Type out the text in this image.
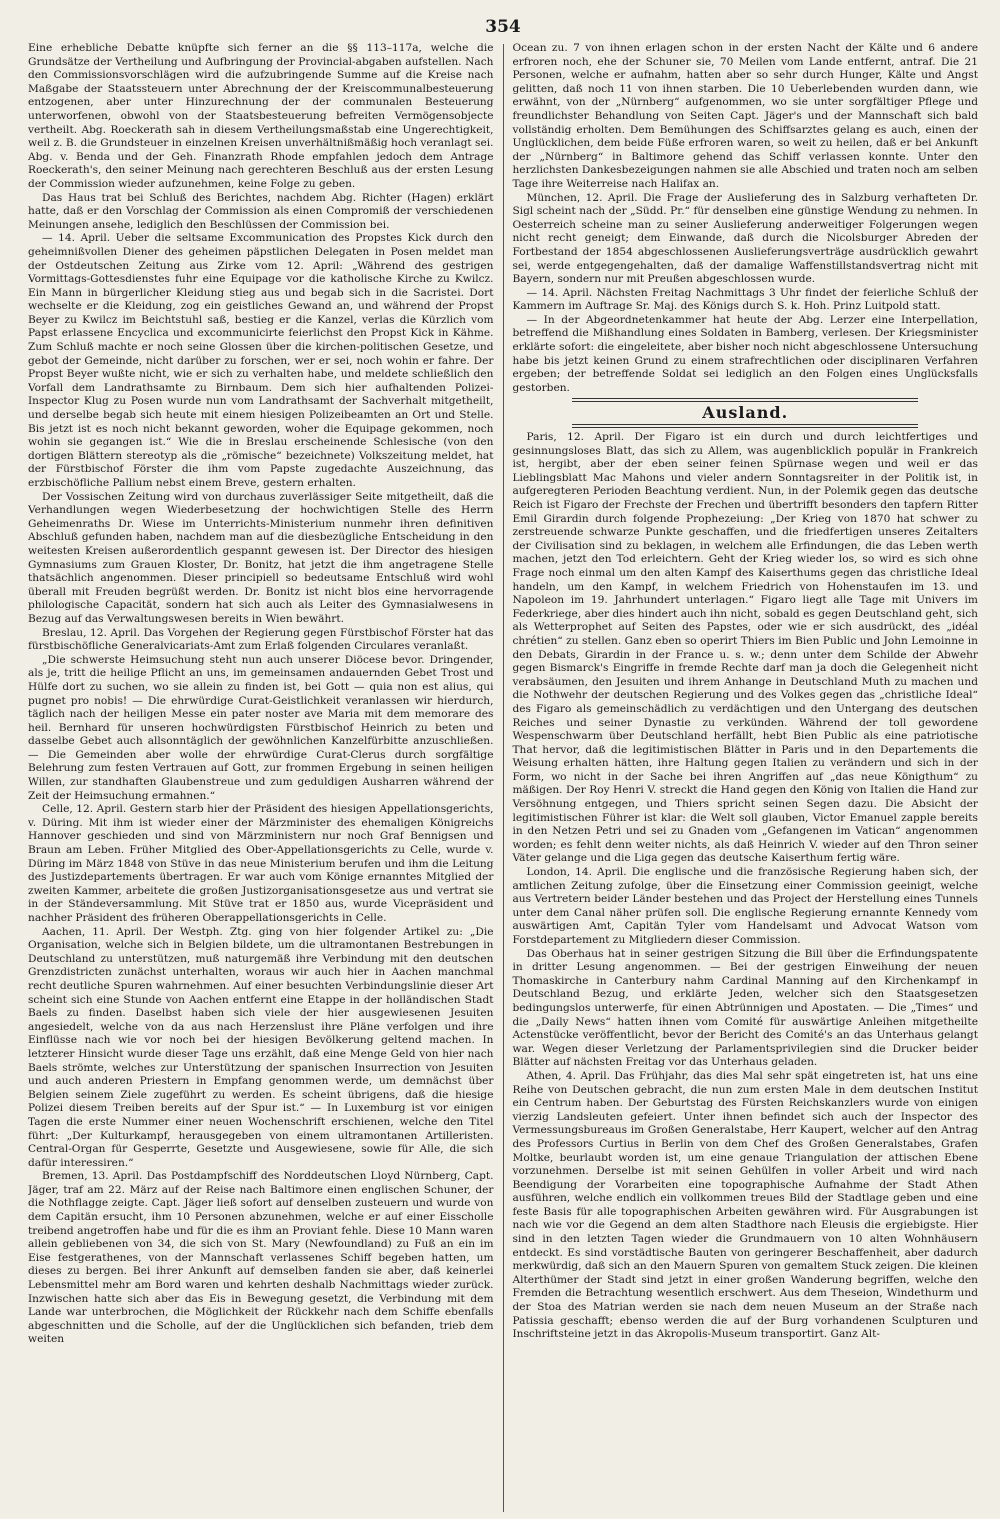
354

Eine erhebliche Debatte knüpfte sich ferner an die §§ 113–117a, welche die Grundsätze der Vertheilung und Aufbringung der Provincial-abgaben aufstellen. Nach den Commissionsvorschlägen wird die aufzubringende Summe auf die Kreise nach Maßgabe der Staatssteuern unter Abrechnung der der Kreiscommunalbesteuerung entzogenen, aber unter Hinzurechnung der der communalen Besteuerung unterworfenen, obwohl von der Staatsbesteuerung befreiten Vermögensobjecte vertheilt. Abg. Roeckerath sah in diesem Vertheilungsmaßstab eine Ungerechtigkeit, weil z. B. die Grundsteuer in einzelnen Kreisen unverhältnißmäßig hoch veranlagt sei. Abg. v. Benda und der Geh. Finanzrath Rhode empfahlen jedoch dem Antrage Roeckerath's, den seiner Meinung nach gerechteren Beschluß aus der ersten Lesung der Commission wieder aufzunehmen, keine Folge zu geben.

Das Haus trat bei Schluß des Berichtes, nachdem Abg. Richter (Hagen) erklärt hatte, daß er den Vorschlag der Commission als einen Compromiß der verschiedenen Meinungen ansehe, lediglich den Beschlüssen der Commission bei.

— 14. April. Ueber die seltsame Excommunication des Propstes Kick durch den geheimnißvollen Diener des geheimen päpstlichen Delegaten in Posen meldet man der Ostdeutschen Zeitung aus Zirke vom 12. April: „Während des gestrigen Vormittags-Gottesdienstes fuhr eine Equipage vor die katholische Kirche zu Kwilcz. Ein Mann in bürgerlicher Kleidung stieg aus und begab sich in die Sacristei. Dort wechselte er die Kleidung, zog ein geistliches Gewand an, und während der Propst Beyer zu Kwilcz im Beichtstuhl saß, bestieg er die Kanzel, verlas die Kürzlich vom Papst erlassene Encyclica und excommunicirte feierlichst den Propst Kick in Kähme. Zum Schluß machte er noch seine Glossen über die kirchen-politischen Gesetze, und gebot der Gemeinde, nicht darüber zu forschen, wer er sei, noch wohin er fahre. Der Propst Beyer wußte nicht, wie er sich zu verhalten habe, und meldete schließlich den Vorfall dem Landrathsamte zu Birnbaum. Dem sich hier aufhaltenden Polizei-Inspector Klug zu Posen wurde nun vom Landrathsamt der Sachverhalt mitgetheilt, und derselbe begab sich heute mit einem hiesigen Polizeibeamten an Ort und Stelle. Bis jetzt ist es noch nicht bekannt geworden, woher die Equipage gekommen, noch wohin sie gegangen ist.“ Wie die in Breslau erscheinende Schlesische (von den dortigen Blättern stereotyp als die „römische“ bezeichnete) Volkszeitung meldet, hat der Fürstbischof Förster die ihm vom Papste zugedachte Auszeichnung, das erzbischöfliche Pallium nebst einem Breve, gestern erhalten.

Der Vossischen Zeitung wird von durchaus zuverlässiger Seite mitgetheilt, daß die Verhandlungen wegen Wiederbesetzung der hochwichtigen Stelle des Herrn Geheimenraths Dr. Wiese im Unterrichts-Ministerium nunmehr ihren definitiven Abschluß gefunden haben, nachdem man auf die diesbezügliche Entscheidung in den weitesten Kreisen außerordentlich gespannt gewesen ist. Der Director des hiesigen Gymnasiums zum Grauen Kloster, Dr. Bonitz, hat jetzt die ihm angetragene Stelle thatsächlich angenommen. Dieser principiell so bedeutsame Entschluß wird wohl überall mit Freuden begrüßt werden. Dr. Bonitz ist nicht blos eine hervorragende philologische Capacität, sondern hat sich auch als Leiter des Gymnasialwesens in Bezug auf das Verwaltungswesen bereits in Wien bewährt.

Breslau, 12. April. Das Vorgehen der Regierung gegen Fürstbischof Förster hat das fürstbischöfliche Generalvicariats-Amt zum Erlaß folgenden Circulares veranlaßt.

„Die schwerste Heimsuchung steht nun auch unserer Diöcese bevor. Dringender, als je, tritt die heilige Pflicht an uns, im gemeinsamen andauernden Gebet Trost und Hülfe dort zu suchen, wo sie allein zu finden ist, bei Gott — quia non est alius, qui pugnet pro nobis! — Die ehrwürdige Curat-Geistlichkeit veranlassen wir hierdurch, täglich nach der heiligen Messe ein pater noster ave Maria mit dem memorare des heil. Bernhard für unseren hochwürdigsten Fürstbischof Heinrich zu beten und dasselbe Gebet auch allsonntäglich der gewöhnlichen Kanzelfürbitte anzuschließen. — Die Gemeinden aber wolle der ehrwürdige Curat-Clerus durch sorgfältige Belehrung zum festen Vertrauen auf Gott, zur frommen Ergebung in seinen heiligen Willen, zur standhaften Glaubenstreue und zum geduldigen Ausharren während der Zeit der Heimsuchung ermahnen.“

Celle, 12. April. Gestern starb hier der Präsident des hiesigen Appellationsgerichts, v. Düring. Mit ihm ist wieder einer der Märzminister des ehemaligen Königreichs Hannover geschieden und sind von Märzministern nur noch Graf Bennigsen und Braun am Leben. Früher Mitglied des Ober-Appellationsgerichts zu Celle, wurde v. Düring im März 1848 von Stüve in das neue Ministerium berufen und ihm die Leitung des Justizdepartements übertragen. Er war auch vom Könige ernanntes Mitglied der zweiten Kammer, arbeitete die großen Justizorganisationsgesetze aus und vertrat sie in der Ständeversammlung. Mit Stüve trat er 1850 aus, wurde Vicepräsident und nachher Präsident des früheren Oberappellationsgerichts in Celle.

Aachen, 11. April. Der Westph. Ztg. ging von hier folgender Artikel zu: „Die Organisation, welche sich in Belgien bildete, um die ultramontanen Bestrebungen in Deutschland zu unterstützen, muß naturgemäß ihre Verbindung mit den deutschen Grenzdistricten zunächst unterhalten, woraus wir auch hier in Aachen manchmal recht deutliche Spuren wahrnehmen. Auf einer besuchten Verbindungslinie dieser Art scheint sich eine Stunde von Aachen entfernt eine Etappe in der holländischen Stadt Baels zu finden. Daselbst haben sich viele der hier ausgewiesenen Jesuiten angesiedelt, welche von da aus nach Herzenslust ihre Pläne verfolgen und ihre Einflüsse nach wie vor noch bei der hiesigen Bevölkerung geltend machen. In letzterer Hinsicht wurde dieser Tage uns erzählt, daß eine Menge Geld von hier nach Baels strömte, welches zur Unterstützung der spanischen Insurrection von Jesuiten und auch anderen Priestern in Empfang genommen werde, um demnächst über Belgien seinem Ziele zugeführt zu werden. Es scheint übrigens, daß die hiesige Polizei diesem Treiben bereits auf der Spur ist.“ — In Luxemburg ist vor einigen Tagen die erste Nummer einer neuen Wochenschrift erschienen, welche den Titel führt: „Der Kulturkampf, herausgegeben von einem ultramontanen Artilleristen. Central-Organ für Gesperrte, Gesetzte und Ausgewiesene, sowie für Alle, die sich dafür interessiren.“

Bremen, 13. April. Das Postdampfschiff des Norddeutschen Lloyd Nürnberg, Capt. Jäger, traf am 22. März auf der Reise nach Baltimore einen englischen Schuner, der die Nothflagge zeigte. Capt. Jäger ließ sofort auf denselben zusteuern und wurde von dem Capitän ersucht, ihm 10 Personen abzunehmen, welche er auf einer Eisscholle treibend angetroffen habe und für die es ihm an Proviant fehle. Diese 10 Mann waren allein gebliebenen von 34, die sich von St. Mary (Newfoundland) zu Fuß an ein im Eise festgerathenes, von der Mannschaft verlassenes Schiff begeben hatten, um dieses zu bergen. Bei ihrer Ankunft auf demselben fanden sie aber, daß keinerlei Lebensmittel mehr am Bord waren und kehrten deshalb Nachmittags wieder zurück. Inzwischen hatte sich aber das Eis in Bewegung gesetzt, die Verbindung mit dem Lande war unterbrochen, die Möglichkeit der Rückkehr nach dem Schiffe ebenfalls abgeschnitten und die Scholle, auf der die Unglücklichen sich befanden, trieb dem weiten

Ocean zu. 7 von ihnen erlagen schon in der ersten Nacht der Kälte und 6 andere erfroren noch, ehe der Schuner sie, 70 Meilen vom Lande entfernt, antraf. Die 21 Personen, welche er aufnahm, hatten aber so sehr durch Hunger, Kälte und Angst gelitten, daß noch 11 von ihnen starben. Die 10 Ueberlebenden wurden dann, wie erwähnt, von der „Nürnberg“ aufgenommen, wo sie unter sorgfältiger Pflege und freundlichster Behandlung von Seiten Capt. Jäger's und der Mannschaft sich bald vollständig erholten. Dem Bemühungen des Schiffsarztes gelang es auch, einen der Unglücklichen, dem beide Füße erfroren waren, so weit zu heilen, daß er bei Ankunft der „Nürnberg“ in Baltimore gehend das Schiff verlassen konnte. Unter den herzlichsten Dankesbezeigungen nahmen sie alle Abschied und traten noch am selben Tage ihre Weiterreise nach Halifax an.

München, 12. April. Die Frage der Auslieferung des in Salzburg verhafteten Dr. Sigl scheint nach der „Südd. Pr.“ für denselben eine günstige Wendung zu nehmen. In Oesterreich scheine man zu seiner Auslieferung anderweitiger Folgerungen wegen nicht recht geneigt; dem Einwande, daß durch die Nicolsburger Abreden der Fortbestand der 1854 abgeschlossenen Auslieferungsverträge ausdrücklich gewahrt sei, werde entgegengehalten, daß der damalige Waffenstillstandsvertrag nicht mit Bayern, sondern nur mit Preußen abgeschlossen wurde.

— 14. April. Nächsten Freitag Nachmittags 3 Uhr findet der feierliche Schluß der Kammern im Auftrage Sr. Maj. des Königs durch S. k. Hoh. Prinz Luitpold statt.

— In der Abgeordnetenkammer hat heute der Abg. Lerzer eine Interpellation, betreffend die Mißhandlung eines Soldaten in Bamberg, verlesen. Der Kriegsminister erklärte sofort: die eingeleitete, aber bisher noch nicht abgeschlossene Untersuchung habe bis jetzt keinen Grund zu einem strafrechtlichen oder disciplinaren Verfahren ergeben; der betreffende Soldat sei lediglich an den Folgen eines Unglücksfalls gestorben.

Ausland.

Paris, 12. April. Der Figaro ist ein durch und durch leichtfertiges und gesinnungsloses Blatt, das sich zu Allem, was augenblicklich populär in Frankreich ist, hergibt, aber der eben seiner feinen Spürnase wegen und weil er das Lieblingsblatt Mac Mahons und vieler andern Sonntagsreiter in der Politik ist, in aufgeregteren Perioden Beachtung verdient. Nun, in der Polemik gegen das deutsche Reich ist Figaro der Frechste der Frechen und übertrifft besonders den tapfern Ritter Emil Girardin durch folgende Prophezeiung: „Der Krieg von 1870 hat schwer zu zerstreuende schwarze Punkte geschaffen, und die friedfertigen unseres Zeitalters der Civilisation sind zu beklagen, in welchem alle Erfindungen, die das Leben werth machen, jetzt den Tod erleichtern. Geht der Krieg wieder los, so wird es sich ohne Frage noch einmal um den alten Kampf des Kaiserthums gegen das christliche Ideal handeln, um den Kampf, in welchem Friedrich von Hohenstaufen im 13. und Napoleon im 19. Jahrhundert unterlagen.“ Figaro liegt alle Tage mit Univers im Federkriege, aber dies hindert auch ihn nicht, sobald es gegen Deutschland geht, sich als Wetterprophet auf Seiten des Papstes, oder wie er sich ausdrückt, des „idéal chrétien“ zu stellen. Ganz eben so operirt Thiers im Bien Public und John Lemoinne in den Debats, Girardin in der France u. s. w.; denn unter dem Schilde der Abwehr gegen Bismarck's Eingriffe in fremde Rechte darf man ja doch die Gelegenheit nicht verabsäumen, den Jesuiten und ihrem Anhange in Deutschland Muth zu machen und die Nothwehr der deutschen Regierung und des Volkes gegen das „christliche Ideal“ des Figaro als gemeinschädlich zu verdächtigen und den Untergang des deutschen Reiches und seiner Dynastie zu verkünden. Während der toll gewordene Wespenschwarm über Deutschland herfällt, hebt Bien Public als eine patriotische That hervor, daß die legitimistischen Blätter in Paris und in den Departements die Weisung erhalten hätten, ihre Haltung gegen Italien zu verändern und sich in der Form, wo nicht in der Sache bei ihren Angriffen auf „das neue Königthum“ zu mäßigen. Der Roy Henri V. streckt die Hand gegen den König von Italien die Hand zur Versöhnung entgegen, und Thiers spricht seinen Segen dazu. Die Absicht der legitimistischen Führer ist klar: die Welt soll glauben, Victor Emanuel zapple bereits in den Netzen Petri und sei zu Gnaden vom „Gefangenen im Vatican“ angenommen worden; es fehlt denn weiter nichts, als daß Heinrich V. wieder auf den Thron seiner Väter gelange und die Liga gegen das deutsche Kaiserthum fertig wäre.

London, 14. April. Die englische und die französische Regierung haben sich, der amtlichen Zeitung zufolge, über die Einsetzung einer Commission geeinigt, welche aus Vertretern beider Länder bestehen und das Project der Herstellung eines Tunnels unter dem Canal näher prüfen soll. Die englische Regierung ernannte Kennedy vom auswärtigen Amt, Capitän Tyler vom Handelsamt und Advocat Watson vom Forstdepartement zu Mitgliedern dieser Commission.

Das Oberhaus hat in seiner gestrigen Sitzung die Bill über die Erfindungspatente in dritter Lesung angenommen. — Bei der gestrigen Einweihung der neuen Thomaskirche in Canterbury nahm Cardinal Manning auf den Kirchenkampf in Deutschland Bezug, und erklärte Jeden, welcher sich den Staatsgesetzen bedingungslos unterwerfe, für einen Abtrünnigen und Apostaten. — Die „Times“ und die „Daily News“ hatten ihnen vom Comité für auswärtige Anleihen mitgetheilte Actenstücke veröffentlicht, bevor der Bericht des Comité's an das Unterhaus gelangt war. Wegen dieser Verletzung der Parlamentsprivilegien sind die Drucker beider Blätter auf nächsten Freitag vor das Unterhaus geladen.

Athen, 4. April. Das Frühjahr, das dies Mal sehr spät eingetreten ist, hat uns eine Reihe von Deutschen gebracht, die nun zum ersten Male in dem deutschen Institut ein Centrum haben. Der Geburtstag des Fürsten Reichskanzlers wurde von einigen vierzig Landsleuten gefeiert. Unter ihnen befindet sich auch der Inspector des Vermessungsbureaus im Großen Generalstabe, Herr Kaupert, welcher auf den Antrag des Professors Curtius in Berlin von dem Chef des Großen Generalstabes, Grafen Moltke, beurlaubt worden ist, um eine genaue Triangulation der attischen Ebene vorzunehmen. Derselbe ist mit seinen Gehülfen in voller Arbeit und wird nach Beendigung der Vorarbeiten eine topographische Aufnahme der Stadt Athen ausführen, welche endlich ein vollkommen treues Bild der Stadtlage geben und eine feste Basis für alle topographischen Arbeiten gewähren wird. Für Ausgrabungen ist nach wie vor die Gegend an dem alten Stadthore nach Eleusis die ergiebigste. Hier sind in den letzten Tagen wieder die Grundmauern von 10 alten Wohnhäusern entdeckt. Es sind vorstädtische Bauten von geringerer Beschaffenheit, aber dadurch merkwürdig, daß sich an den Mauern Spuren von gemaltem Stuck zeigen. Die kleinen Alterthümer der Stadt sind jetzt in einer großen Wanderung begriffen, welche den Fremden die Betrachtung wesentlich erschwert. Aus dem Theseion, Windethurm und der Stoa des Matrian werden sie nach dem neuen Museum an der Straße nach Patissia geschafft; ebenso werden die auf der Burg vorhandenen Sculpturen und Inschriftsteine jetzt in das Akropolis-Museum transportirt. Ganz Alt-
